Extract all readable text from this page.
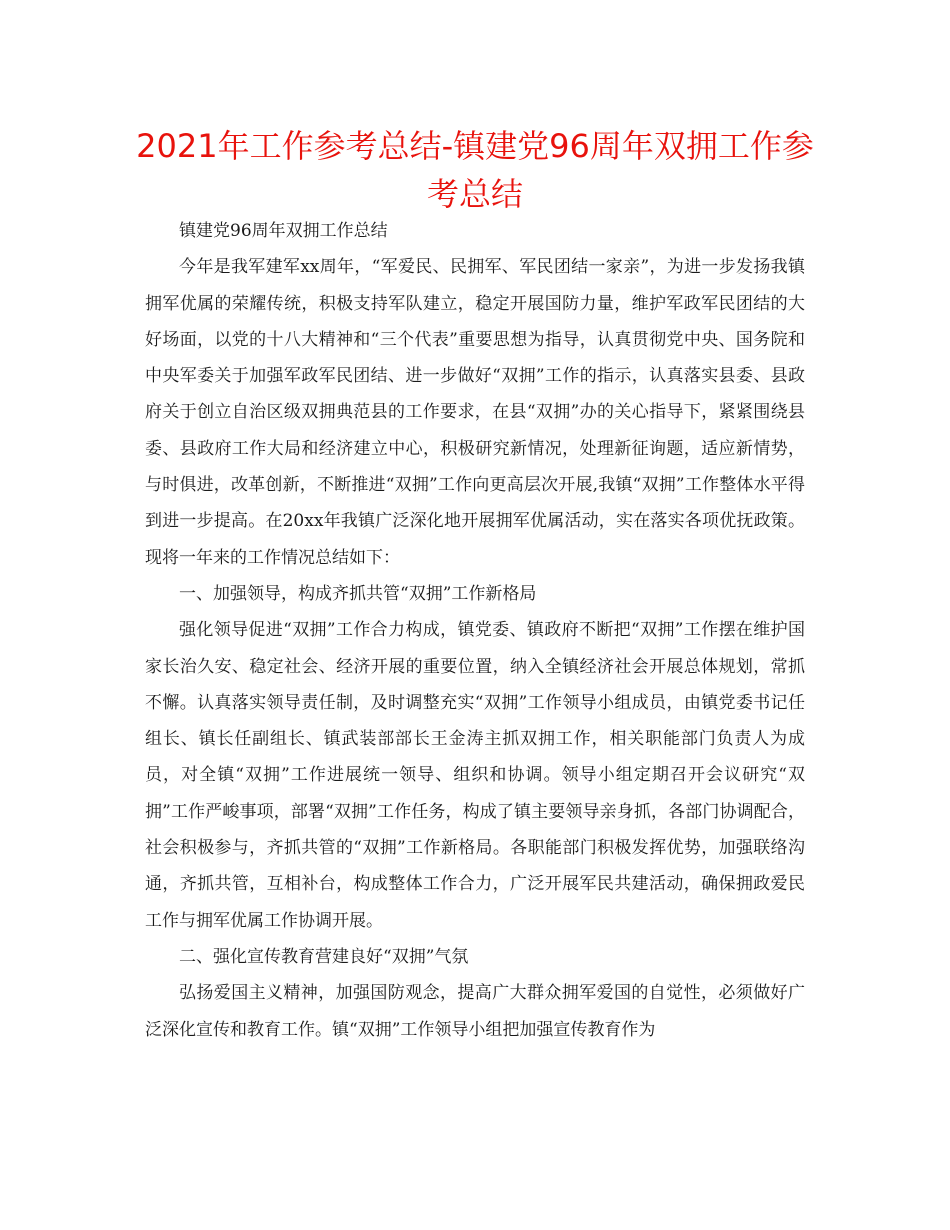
2021年工作参考总结-镇建党96周年双拥工作参考总结

镇建党96周年双拥工作总结

今年是我军建军xx周年，“军爱民、民拥军、军民团结一家亲”，为进一步发扬我镇拥军优属的荣耀传统，积极支持军队建立，稳定开展国防力量，维护军政军民团结的大好场面，以党的十八大精神和“三个代表”重要思想为指导，认真贯彻党中央、国务院和中央军委关于加强军政军民团结、进一步做好“双拥”工作的指示，认真落实县委、县政府关于创立自治区级双拥典范县的工作要求，在县“双拥”办的关心指导下，紧紧围绕县委、县政府工作大局和经济建立中心，积极研究新情况，处理新征询题，适应新情势，与时俱进，改革创新，不断推进“双拥”工作向更高层次开展,我镇“双拥”工作整体水平得到进一步提高。在20xx年我镇广泛深化地开展拥军优属活动，实在落实各项优抚政策。现将一年来的工作情况总结如下：

一、加强领导，构成齐抓共管“双拥”工作新格局

强化领导促进“双拥”工作合力构成，镇党委、镇政府不断把“双拥”工作摆在维护国家长治久安、稳定社会、经济开展的重要位置，纳入全镇经济社会开展总体规划，常抓不懈。认真落实领导责任制，及时调整充实“双拥”工作领导小组成员，由镇党委书记任组长、镇长任副组长、镇武装部部长王金涛主抓双拥工作，相关职能部门负责人为成员，对全镇“双拥”工作进展统一领导、组织和协调。领导小组定期召开会议研究“双拥”工作严峻事项，部署“双拥”工作任务，构成了镇主要领导亲身抓，各部门协调配合，社会积极参与，齐抓共管的“双拥”工作新格局。各职能部门积极发挥优势，加强联络沟通，齐抓共管，互相补台，构成整体工作合力，广泛开展军民共建活动，确保拥政爱民工作与拥军优属工作协调开展。

二、强化宣传教育营建良好“双拥”气氛

弘扬爱国主义精神，加强国防观念，提高广大群众拥军爱国的自觉性，必须做好广泛深化宣传和教育工作。镇“双拥”工作领导小组把加强宣传教育作为
